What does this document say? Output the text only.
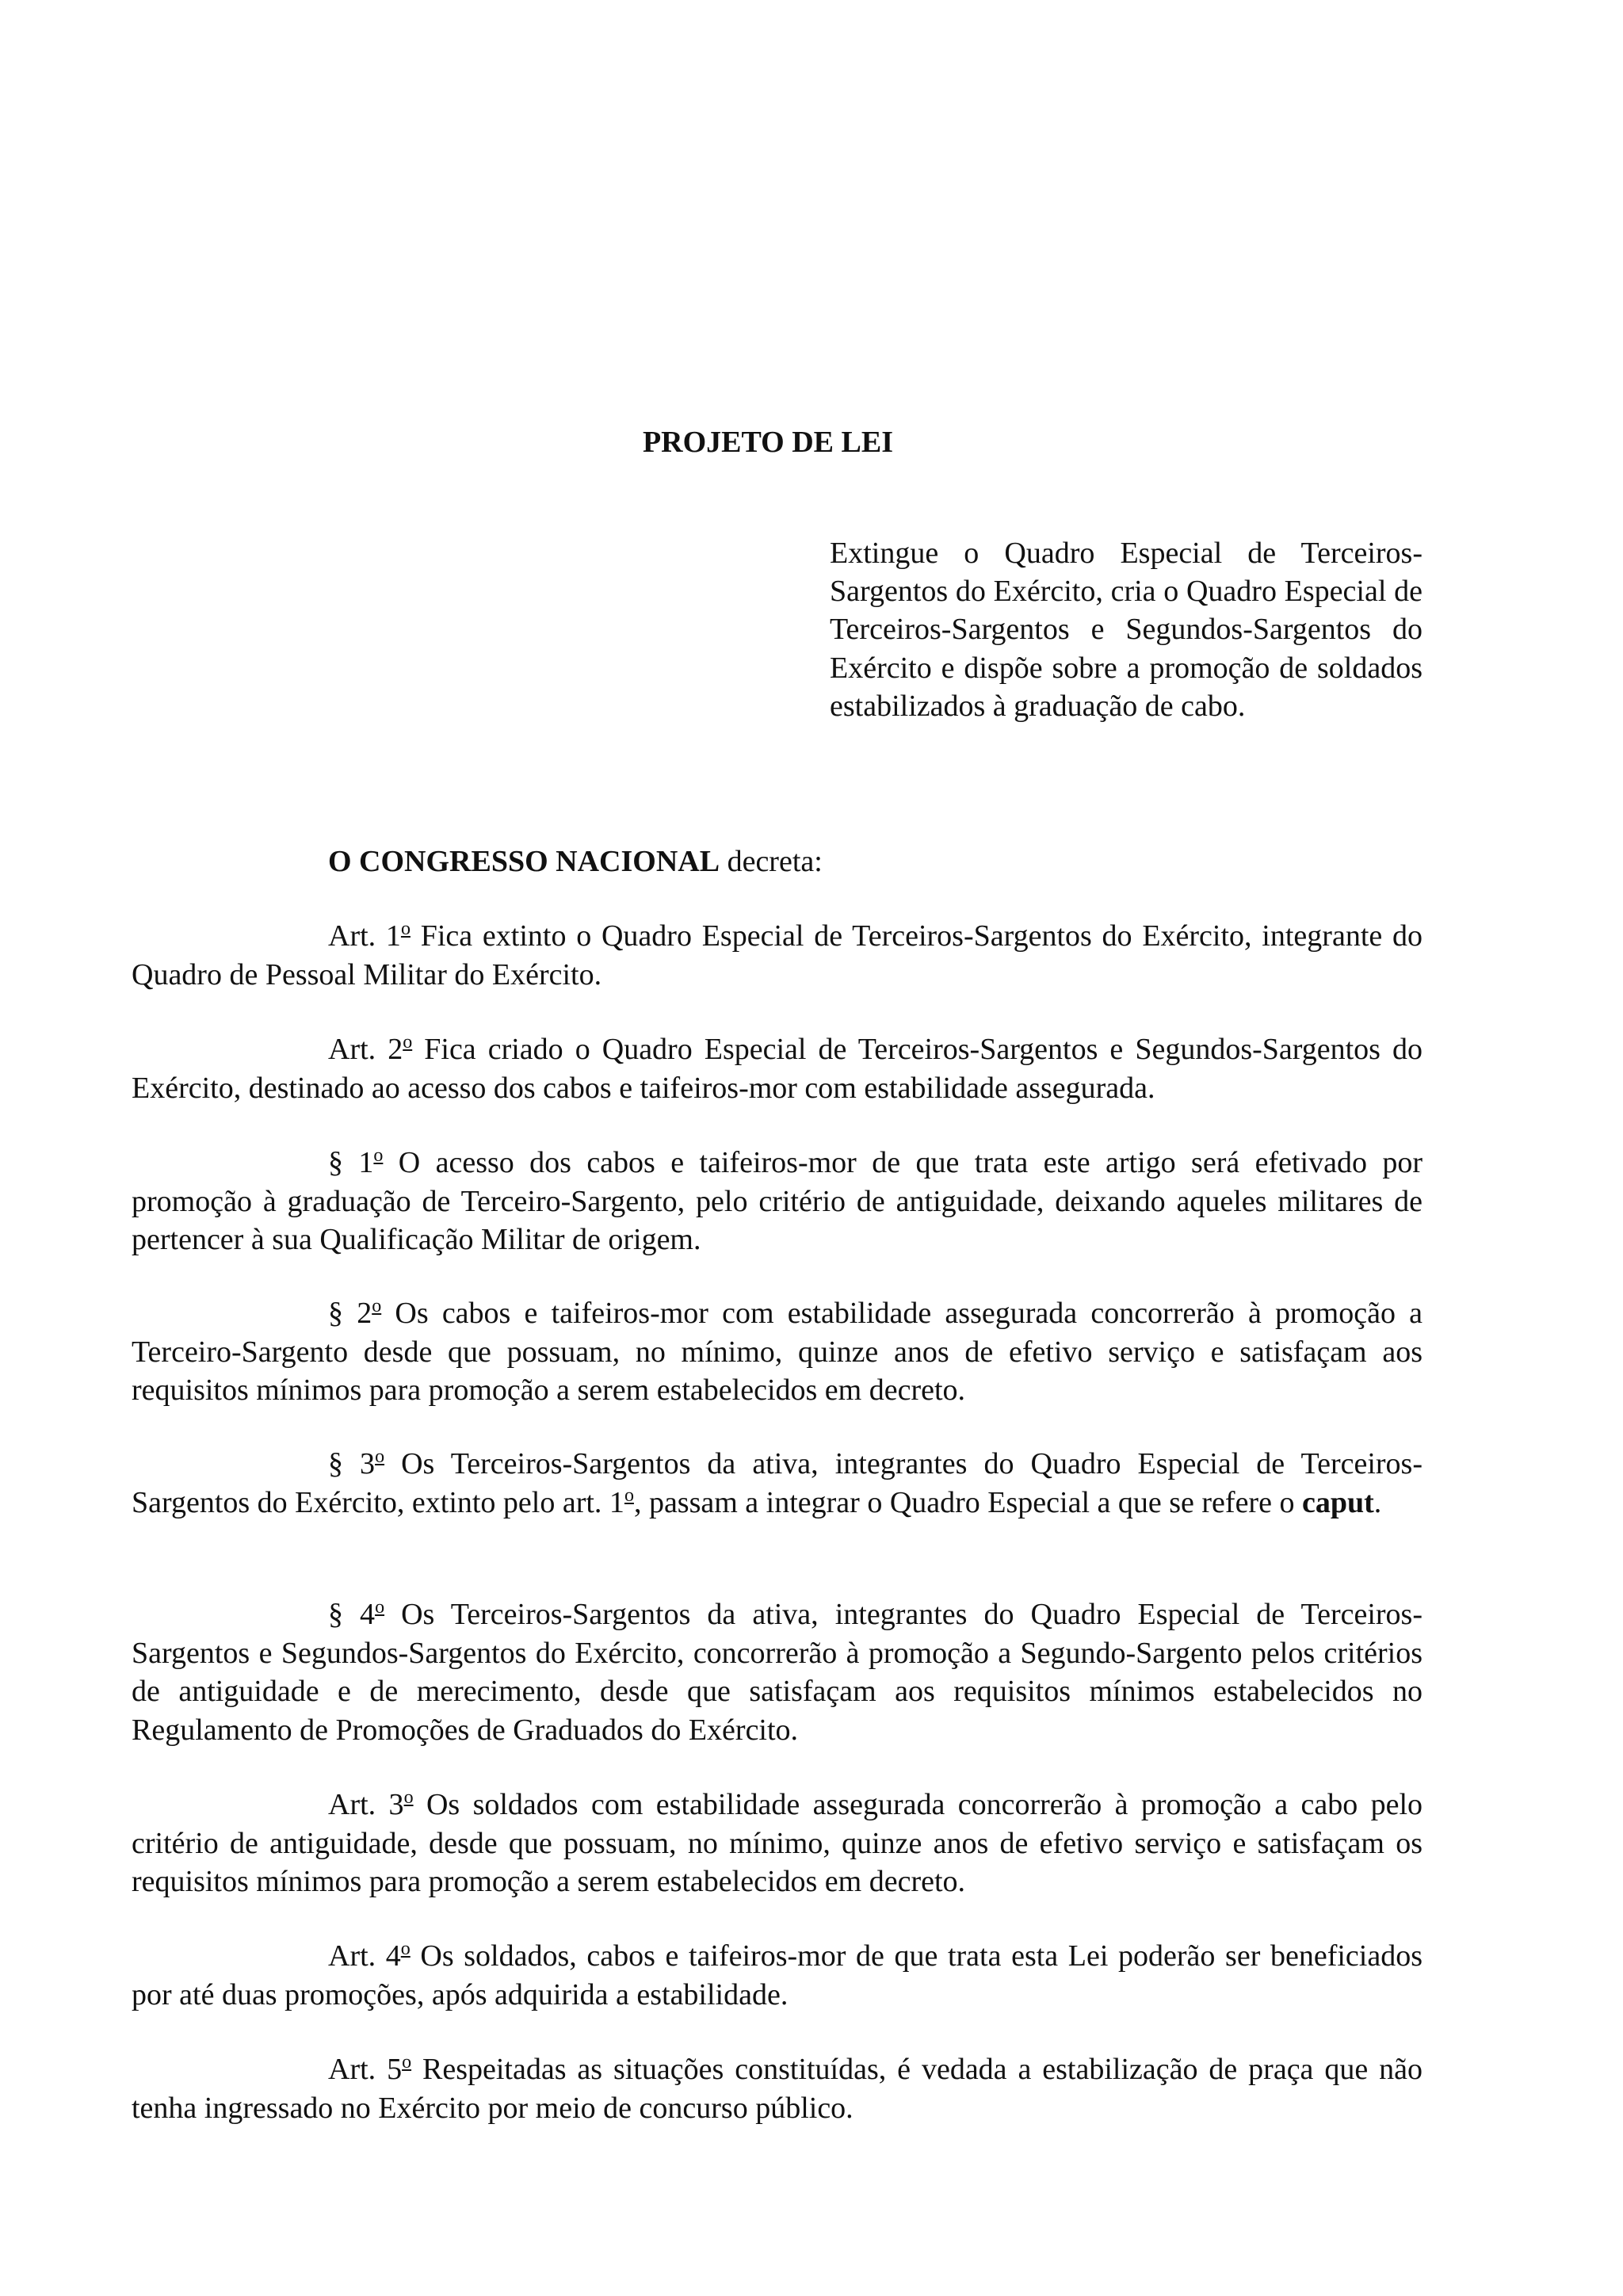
PROJETO DE LEI

Extingue o Quadro Especial de Terceiros-Sargentos do Exército, cria o Quadro Especial de Terceiros-Sargentos e Segundos-Sargentos do Exército e dispõe sobre a promoção de soldados estabilizados à graduação de cabo.

O CONGRESSO NACIONAL decreta:

Art. 1$^o$ Fica extinto o Quadro Especial de Terceiros-Sargentos do Exército, integrante do Quadro de Pessoal Militar do Exército.

Art. 2$^o$ Fica criado o Quadro Especial de Terceiros-Sargentos e Segundos-Sargentos do Exército, destinado ao acesso dos cabos e taifeiros-mor com estabilidade assegurada.

§ 1$^o$ O acesso dos cabos e taifeiros-mor de que trata este artigo será efetivado por promoção à graduação de Terceiro-Sargento, pelo critério de antiguidade, deixando aqueles militares de pertencer à sua Qualificação Militar de origem.

§ 2$^o$ Os cabos e taifeiros-mor com estabilidade assegurada concorrerão à promoção a Terceiro-Sargento desde que possuam, no mínimo, quinze anos de efetivo serviço e satisfaçam aos requisitos mínimos para promoção a serem estabelecidos em decreto.

§ 3$^o$ Os Terceiros-Sargentos da ativa, integrantes do Quadro Especial de Terceiros-Sargentos do Exército, extinto pelo art. 1$^o$, passam a integrar o Quadro Especial a que se refere o caput.

§ 4$^o$ Os Terceiros-Sargentos da ativa, integrantes do Quadro Especial de Terceiros-Sargentos e Segundos-Sargentos do Exército, concorrerão à promoção a Segundo-Sargento pelos critérios de antiguidade e de merecimento, desde que satisfaçam aos requisitos mínimos estabelecidos no Regulamento de Promoções de Graduados do Exército.

Art. 3$^o$ Os soldados com estabilidade assegurada concorrerão à promoção a cabo pelo critério de antiguidade, desde que possuam, no mínimo, quinze anos de efetivo serviço e satisfaçam os requisitos mínimos para promoção a serem estabelecidos em decreto.

Art. 4$^o$ Os soldados, cabos e taifeiros-mor de que trata esta Lei poderão ser beneficiados por até duas promoções, após adquirida a estabilidade.

Art. 5$^o$ Respeitadas as situações constituídas, é vedada a estabilização de praça que não tenha ingressado no Exército por meio de concurso público.
